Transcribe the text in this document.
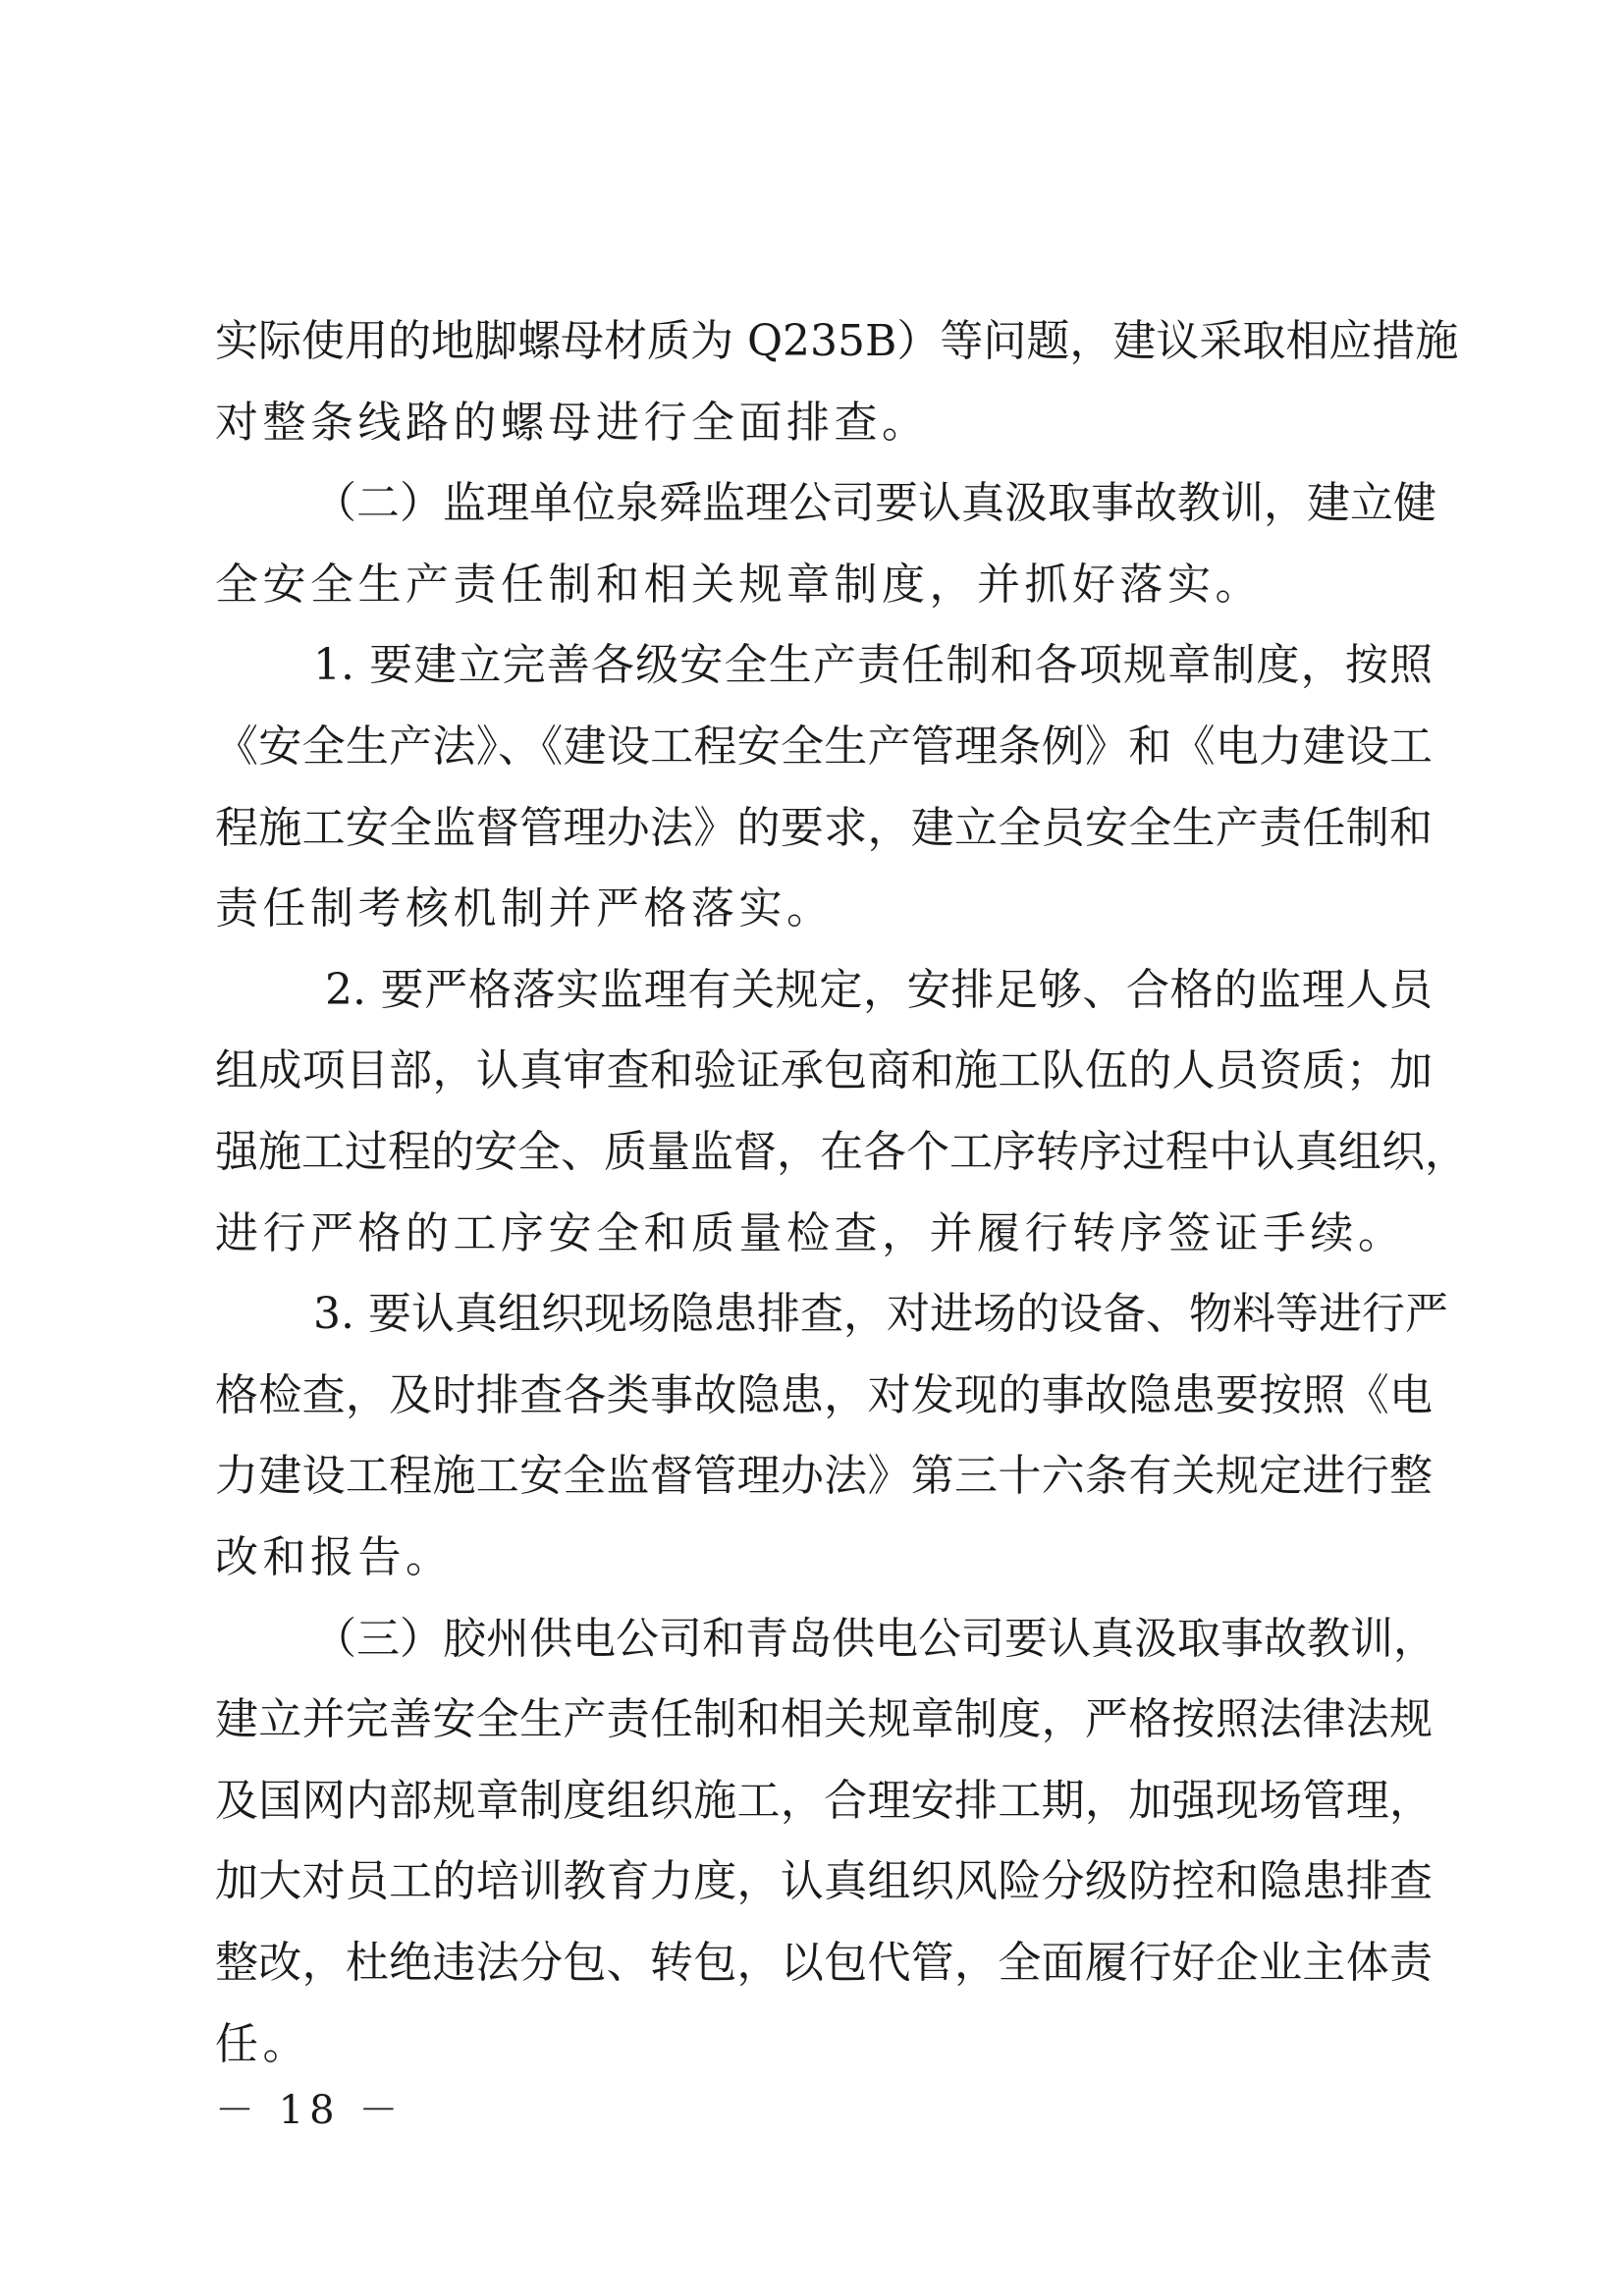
实际使用的地脚螺母材质为 Q235B）等问题，建议采取相应措施
对整条线路的螺母进行全面排查。
（二）监理单位泉舜监理公司要认真汲取事故教训，建立健
全安全生产责任制和相关规章制度，并抓好落实。
1. 要建立完善各级安全生产责任制和各项规章制度，按照
《安全生产法》、《建设工程安全生产管理条例》和《电力建设工
程施工安全监督管理办法》的要求，建立全员安全生产责任制和
责任制考核机制并严格落实。
2. 要严格落实监理有关规定，安排足够、合格的监理人员
组成项目部，认真审查和验证承包商和施工队伍的人员资质；加
强施工过程的安全、质量监督，在各个工序转序过程中认真组织，
进行严格的工序安全和质量检查，并履行转序签证手续。
3. 要认真组织现场隐患排查，对进场的设备、物料等进行严
格检查，及时排查各类事故隐患，对发现的事故隐患要按照《电
力建设工程施工安全监督管理办法》第三十六条有关规定进行整
改和报告。
（三）胶州供电公司和青岛供电公司要认真汲取事故教训，
建立并完善安全生产责任制和相关规章制度，严格按照法律法规
及国网内部规章制度组织施工，合理安排工期，加强现场管理，
加大对员工的培训教育力度，认真组织风险分级防控和隐患排查
整改，杜绝违法分包、转包，以包代管，全面履行好企业主体责
任。
－ 18 －
